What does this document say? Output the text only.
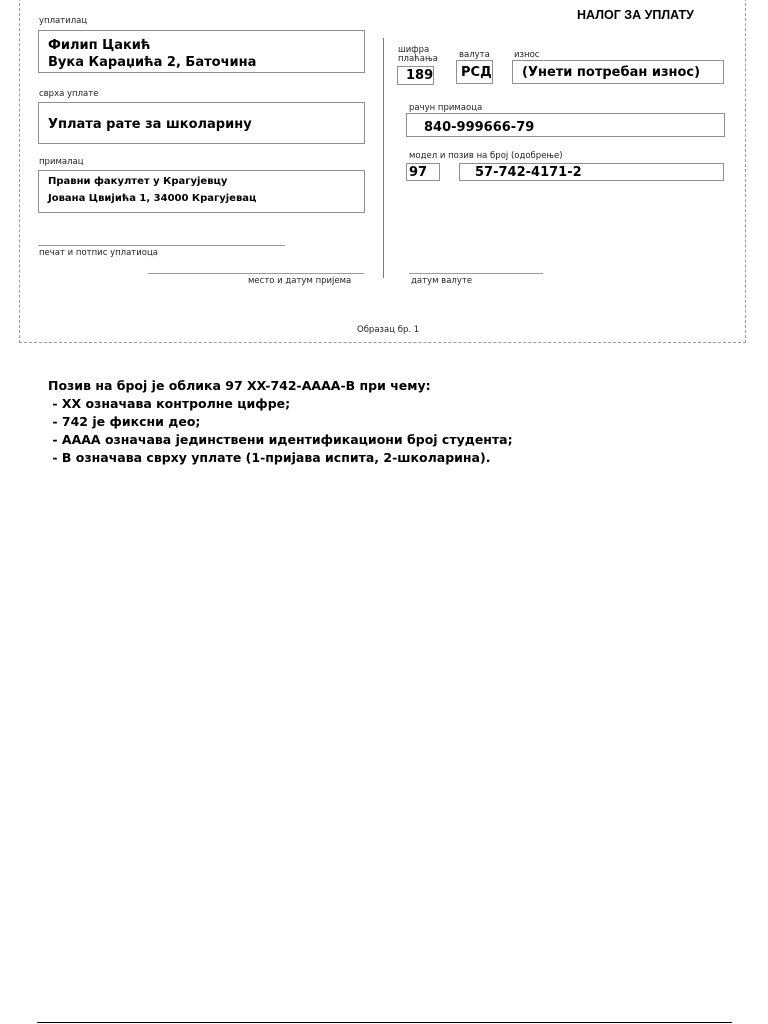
НАЛОГ ЗА УПЛАТУ
уплатилац
Филип Цакић
Вука Караџића 2, Баточина
сврха уплате
Уплата рате за школарину
прималац
Правни факултет у Крагујевцу
Јована Цвијића 1, 34000 Крагујевац
печат и потпис уплатиоца
место и датум пријема
шифра
плаћања
189
валута
РСД
износ
(Унети потребан износ)
рачун примаоца
840-999666-79
модел и позив на број (одобрење)
97	57-742-4171-2
датум валуте
Образац бр. 1
Позив на број је облика 97 XX-742-AAAA-B при чему:
- XX означава контролне цифре;
- 742 је фиксни део;
- AAAA означава јединствени идентификациони број студента;
- B означава сврху уплате (1-пријава испита, 2-школарина).
